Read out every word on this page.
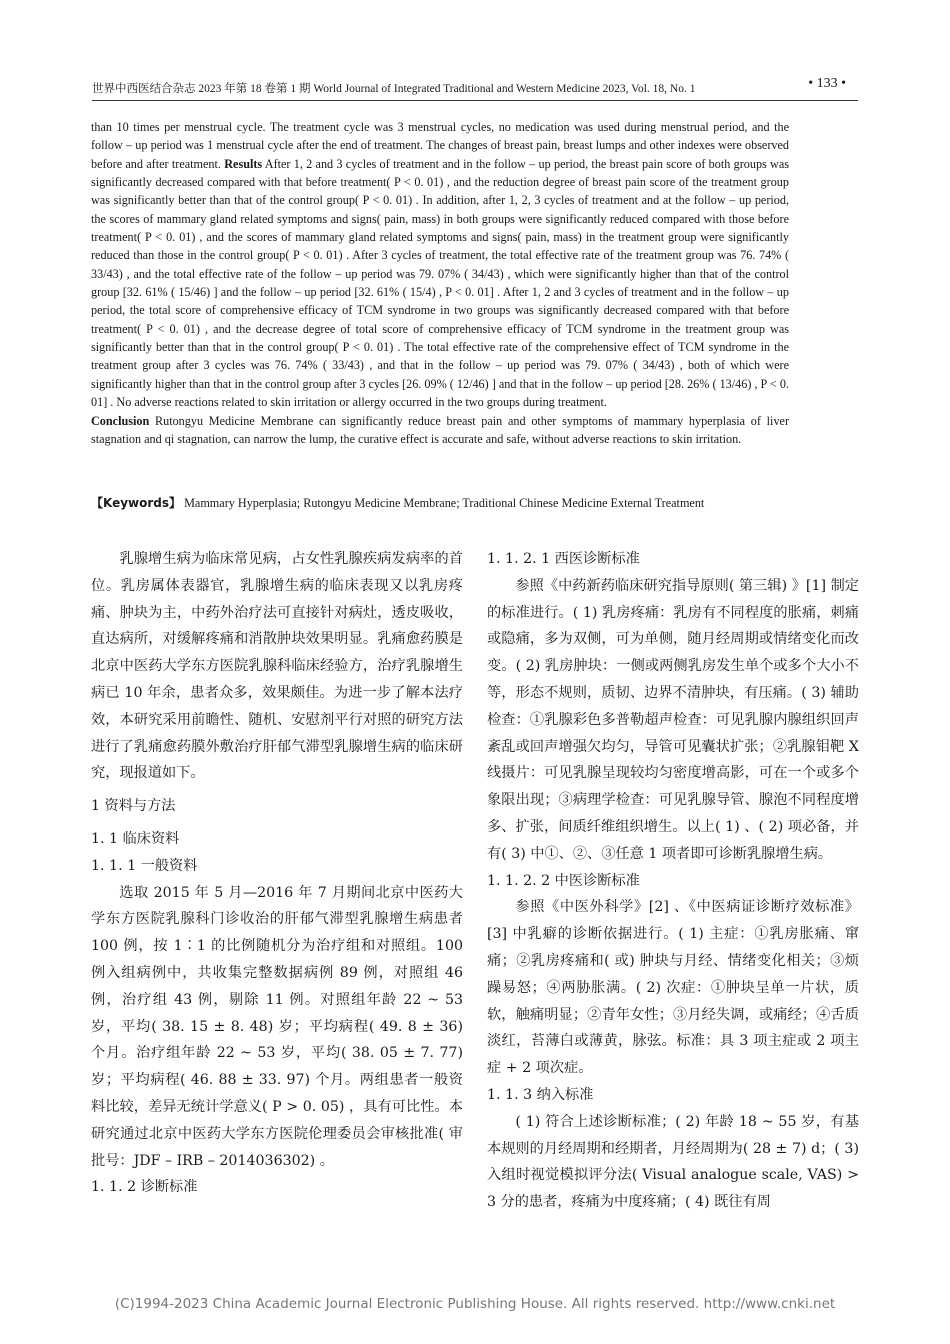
世界中西医结合杂志 2023 年第 18 卷第 1 期 World Journal of Integrated Traditional and Western Medicine 2023, Vol. 18, No. 1	• 133 •

than 10 times per menstrual cycle. The treatment cycle was 3 menstrual cycles, no medication was used during menstrual period, and the follow – up period was 1 menstrual cycle after the end of treatment. The changes of breast pain, breast lumps and other indexes were observed before and after treatment. Results After 1, 2 and 3 cycles of treatment and in the follow – up period, the breast pain score of both groups was significantly decreased compared with that before treatment( P < 0. 01) , and the reduction degree of breast pain score of the treatment group was significantly better than that of the control group( P < 0. 01) . In addition, after 1, 2, 3 cycles of treatment and at the follow – up period, the scores of mammary gland related symptoms and signs( pain, mass) in both groups were significantly reduced compared with those before treatment( P < 0. 01) , and the scores of mammary gland related symptoms and signs( pain, mass) in the treatment group were significantly reduced than those in the control group( P < 0. 01) . After 3 cycles of treatment, the total effective rate of the treatment group was 76. 74% ( 33/43) , and the total effective rate of the follow – up period was 79. 07% ( 34/43) , which were significantly higher than that of the control group [32. 61% ( 15/46) ] and the follow – up period [32. 61% ( 15/4) , P < 0. 01] . After 1, 2 and 3 cycles of treatment and in the follow – up period, the total score of comprehensive efficacy of TCM syndrome in two groups was significantly decreased compared with that before treatment( P < 0. 01) , and the decrease degree of total score of comprehensive efficacy of TCM syndrome in the treatment group was significantly better than that in the control group( P < 0. 01) . The total effective rate of the comprehensive effect of TCM syndrome in the treatment group after 3 cycles was 76. 74% ( 33/43) , and that in the follow – up period was 79. 07% ( 34/43) , both of which were significantly higher than that in the control group after 3 cycles [26. 09% ( 12/46) ] and that in the follow – up period [28. 26% ( 13/46) , P < 0. 01] . No adverse reactions related to skin irritation or allergy occurred in the two groups during treatment.

Conclusion Rutongyu Medicine Membrane can significantly reduce breast pain and other symptoms of mammary hyperplasia of liver stagnation and qi stagnation, can narrow the lump, the curative effect is accurate and safe, without adverse reactions to skin irritation.

【Keywords】 Mammary Hyperplasia; Rutongyu Medicine Membrane; Traditional Chinese Medicine External Treatment

乳腺增生病为临床常见病，占女性乳腺疾病发病率的首位。乳房属体表器官，乳腺增生病的临床表现又以乳房疼痛、肿块为主，中药外治疗法可直接针对病灶，透皮吸收，直达病所，对缓解疼痛和消散肿块效果明显。乳痛愈药膜是北京中医药大学东方医院乳腺科临床经验方，治疗乳腺增生病已 10 年余，患者众多，效果颇佳。为进一步了解本法疗效，本研究采用前瞻性、随机、安慰剂平行对照的研究方法进行了乳痛愈药膜外敷治疗肝郁气滞型乳腺增生病的临床研究，现报道如下。

1 资料与方法

1. 1 临床资料

1. 1. 1 一般资料

选取 2015 年 5 月—2016 年 7 月期间北京中医药大学东方医院乳腺科门诊收治的肝郁气滞型乳腺增生病患者 100 例，按 1∶1 的比例随机分为治疗组和对照组。100 例入组病例中，共收集完整数据病例 89 例，对照组 46 例，治疗组 43 例，剔除 11 例。对照组年龄 22 ~ 53 岁，平均( 38. 15 ± 8. 48) 岁；平均病程( 49. 8 ± 36) 个月。治疗组年龄 22 ~ 53 岁，平均( 38. 05 ± 7. 77) 岁；平均病程( 46. 88 ± 33. 97) 个月。两组患者一般资料比较，差异无统计学意义( P > 0. 05) ，具有可比性。本研究通过北京中医药大学东方医院伦理委员会审核批准( 审批号：JDF – IRB – 2014036302) 。

1. 1. 2 诊断标准

1. 1. 2. 1 西医诊断标准

参照《中药新药临床研究指导原则( 第三辑) 》[1] 制定的标准进行。( 1) 乳房疼痛：乳房有不同程度的胀痛，刺痛或隐痛，多为双侧，可为单侧，随月经周期或情绪变化而改变。( 2) 乳房肿块：一侧或两侧乳房发生单个或多个大小不等，形态不规则，质韧、边界不清肿块，有压痛。( 3) 辅助检查：①乳腺彩色多普勒超声检查：可见乳腺内腺组织回声紊乱或回声增强欠均匀，导管可见囊状扩张；②乳腺钼靶 X 线摄片：可见乳腺呈现较均匀密度增高影，可在一个或多个象限出现；③病理学检查：可见乳腺导管、腺泡不同程度增多、扩张，间质纤维组织增生。以上( 1) 、( 2) 项必备，并有( 3) 中①、②、③任意 1 项者即可诊断乳腺增生病。

1. 1. 2. 2 中医诊断标准

参照《中医外科学》[2] 、《中医病证诊断疗效标准》[3] 中乳癖的诊断依据进行。( 1) 主症：①乳房胀痛、窜痛；②乳房疼痛和( 或) 肿块与月经、情绪变化相关；③烦躁易怒；④两胁胀满。( 2) 次症：①肿块呈单一片状，质软，触痛明显；②青年女性；③月经失调，或痛经；④舌质淡红，苔薄白或薄黄，脉弦。标准：具 3 项主症或 2 项主症 + 2 项次症。

1. 1. 3 纳入标准

( 1) 符合上述诊断标准；( 2) 年龄 18 ~ 55 岁，有基本规则的月经周期和经期者，月经周期为( 28 ± 7) d；( 3) 入组时视觉模拟评分法( Visual analogue scale, VAS) > 3 分的患者，疼痛为中度疼痛；( 4) 既往有周

(C)1994-2023 China Academic Journal Electronic Publishing House. All rights reserved. http://www.cnki.net
